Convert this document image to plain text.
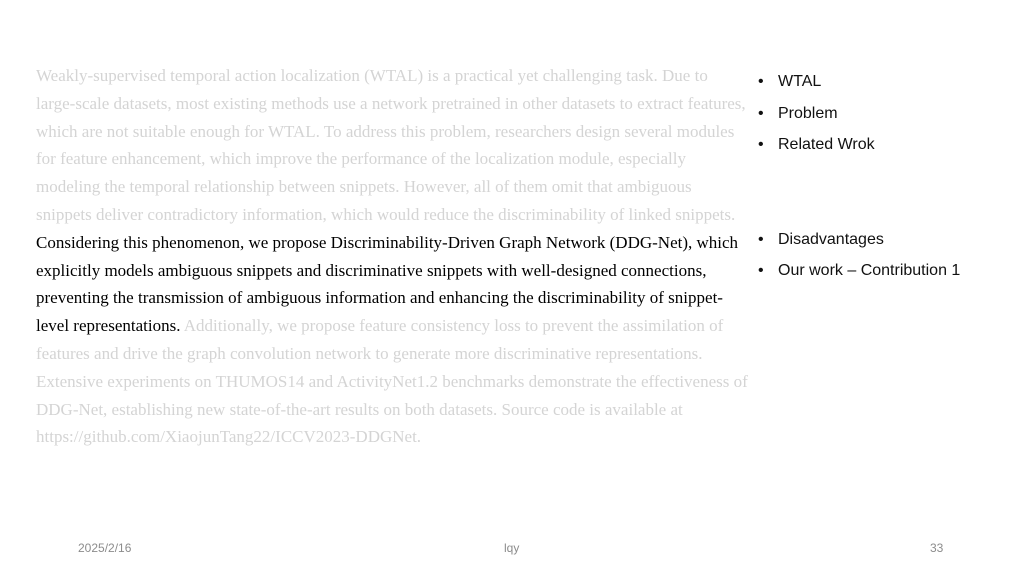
Weakly-supervised temporal action localization (WTAL) is a practical yet challenging task. Due to large-scale datasets, most existing methods use a network pretrained in other datasets to extract features, which are not suitable enough for WTAL. To address this problem, researchers design several modules for feature enhancement, which improve the performance of the localization module, especially modeling the temporal relationship between snippets. However, all of them omit that ambiguous snippets deliver contradictory information, which would reduce the discriminability of linked snippets. Considering this phenomenon, we propose Discriminability-Driven Graph Network (DDG-Net), which explicitly models ambiguous snippets and discriminative snippets with well-designed connections, preventing the transmission of ambiguous information and enhancing the discriminability of snippet-level representations. Additionally, we propose feature consistency loss to prevent the assimilation of features and drive the graph convolution network to generate more discriminative representations. Extensive experiments on THUMOS14 and ActivityNet1.2 benchmarks demonstrate the effectiveness of DDG-Net, establishing new state-of-the-art results on both datasets. Source code is available at https://github.com/XiaojunTang22/ICCV2023-DDGNet.

• WTAL
• Problem
• Related Wrok
• Disadvantages
• Our work – Contribution 1
2025/2/16	lqy	33
